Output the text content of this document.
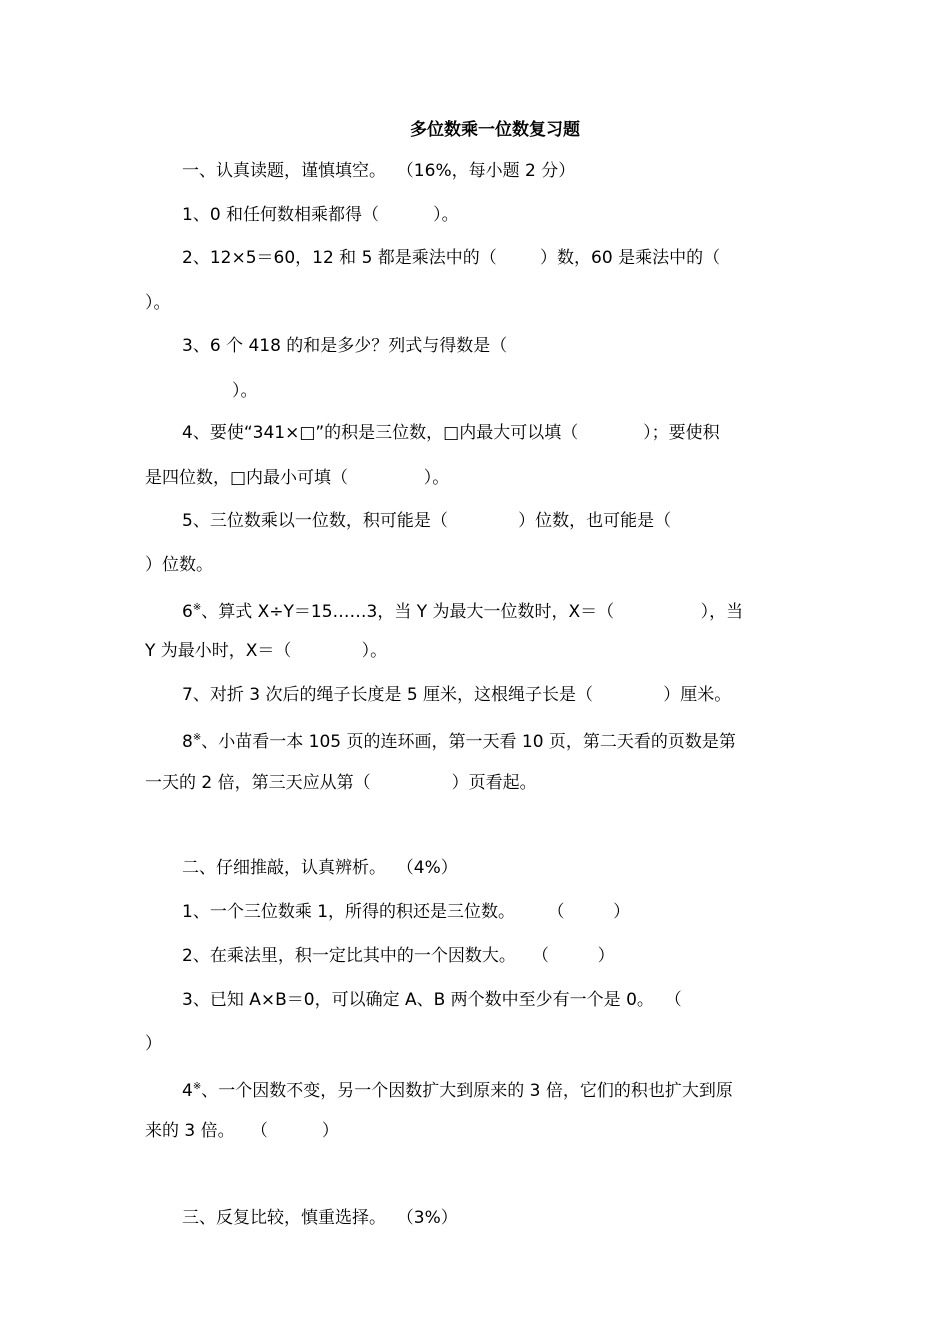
多位数乘一位数复习题
一、认真读题，谨慎填空。  （16%，每小题 2 分）
1、0 和任何数相乘都得（          ）。
2、12×5＝60，12 和 5 都是乘法中的（        ）数，60 是乘法中的（
）。
3、6 个 418 的和是多少？列式与得数是（
）。
4、要使“341×□”的积是三位数，□内最大可以填（            ）；要使积
是四位数，□内最小可填（              ）。
5、三位数乘以一位数，积可能是（             ）位数，也可能是（
）位数。
6※、算式 X÷Y＝15……3，当 Y 为最大一位数时，X＝（                ），当
Y 为最小时，X＝（             ）。
7、对折 3 次后的绳子长度是 5 厘米，这根绳子长是（             ）厘米。
8※、小苗看一本 105 页的连环画，第一天看 10 页，第二天看的页数是第
一天的 2 倍，第三天应从第（               ）页看起。
二、仔细推敲，认真辨析。  （4%）
1、一个三位数乘 1，所得的积还是三位数。      （         ）
2、在乘法里，积一定比其中的一个因数大。   （         ）
3、已知 A×B＝0，可以确定 A、B 两个数中至少有一个是 0。  （
）
4※、一个因数不变，另一个因数扩大到原来的 3 倍，它们的积也扩大到原
来的 3 倍。   （          ）
三、反复比较，慎重选择。  （3%）
